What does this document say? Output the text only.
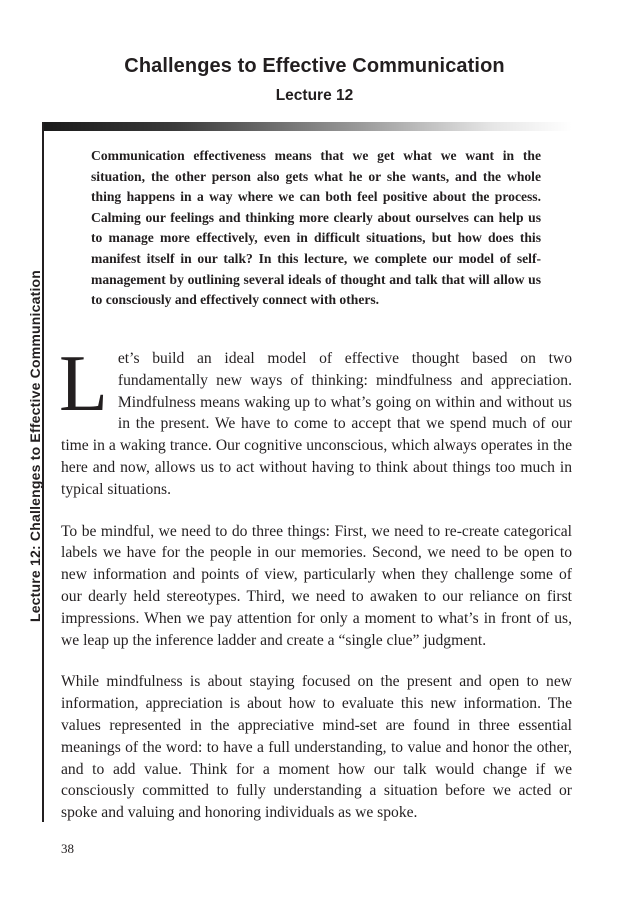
Challenges to Effective Communication
Lecture 12
Lecture 12: Challenges to Effective Communication

Communication effectiveness means that we get what we want in the situation, the other person also gets what he or she wants, and the whole thing happens in a way where we can both feel positive about the process. Calming our feelings and thinking more clearly about ourselves can help us to manage more effectively, even in difficult situations, but how does this manifest itself in our talk? In this lecture, we complete our model of self-management by outlining several ideals of thought and talk that will allow us to consciously and effectively connect with others.

Let’s build an ideal model of effective thought based on two fundamentally new ways of thinking: mindfulness and appreciation. Mindfulness means waking up to what’s going on within and without us in the present. We have to come to accept that we spend much of our time in a waking trance. Our cognitive unconscious, which always operates in the here and now, allows us to act without having to think about things too much in typical situations.

To be mindful, we need to do three things: First, we need to re-create categorical labels we have for the people in our memories. Second, we need to be open to new information and points of view, particularly when they challenge some of our dearly held stereotypes. Third, we need to awaken to our reliance on first impressions. When we pay attention for only a moment to what’s in front of us, we leap up the inference ladder and create a “single clue” judgment.

While mindfulness is about staying focused on the present and open to new information, appreciation is about how to evaluate this new information. The values represented in the appreciative mind-set are found in three essential meanings of the word: to have a full understanding, to value and honor the other, and to add value. Think for a moment how our talk would change if we consciously committed to fully understanding a situation before we acted or spoke and valuing and honoring individuals as we spoke.

38
